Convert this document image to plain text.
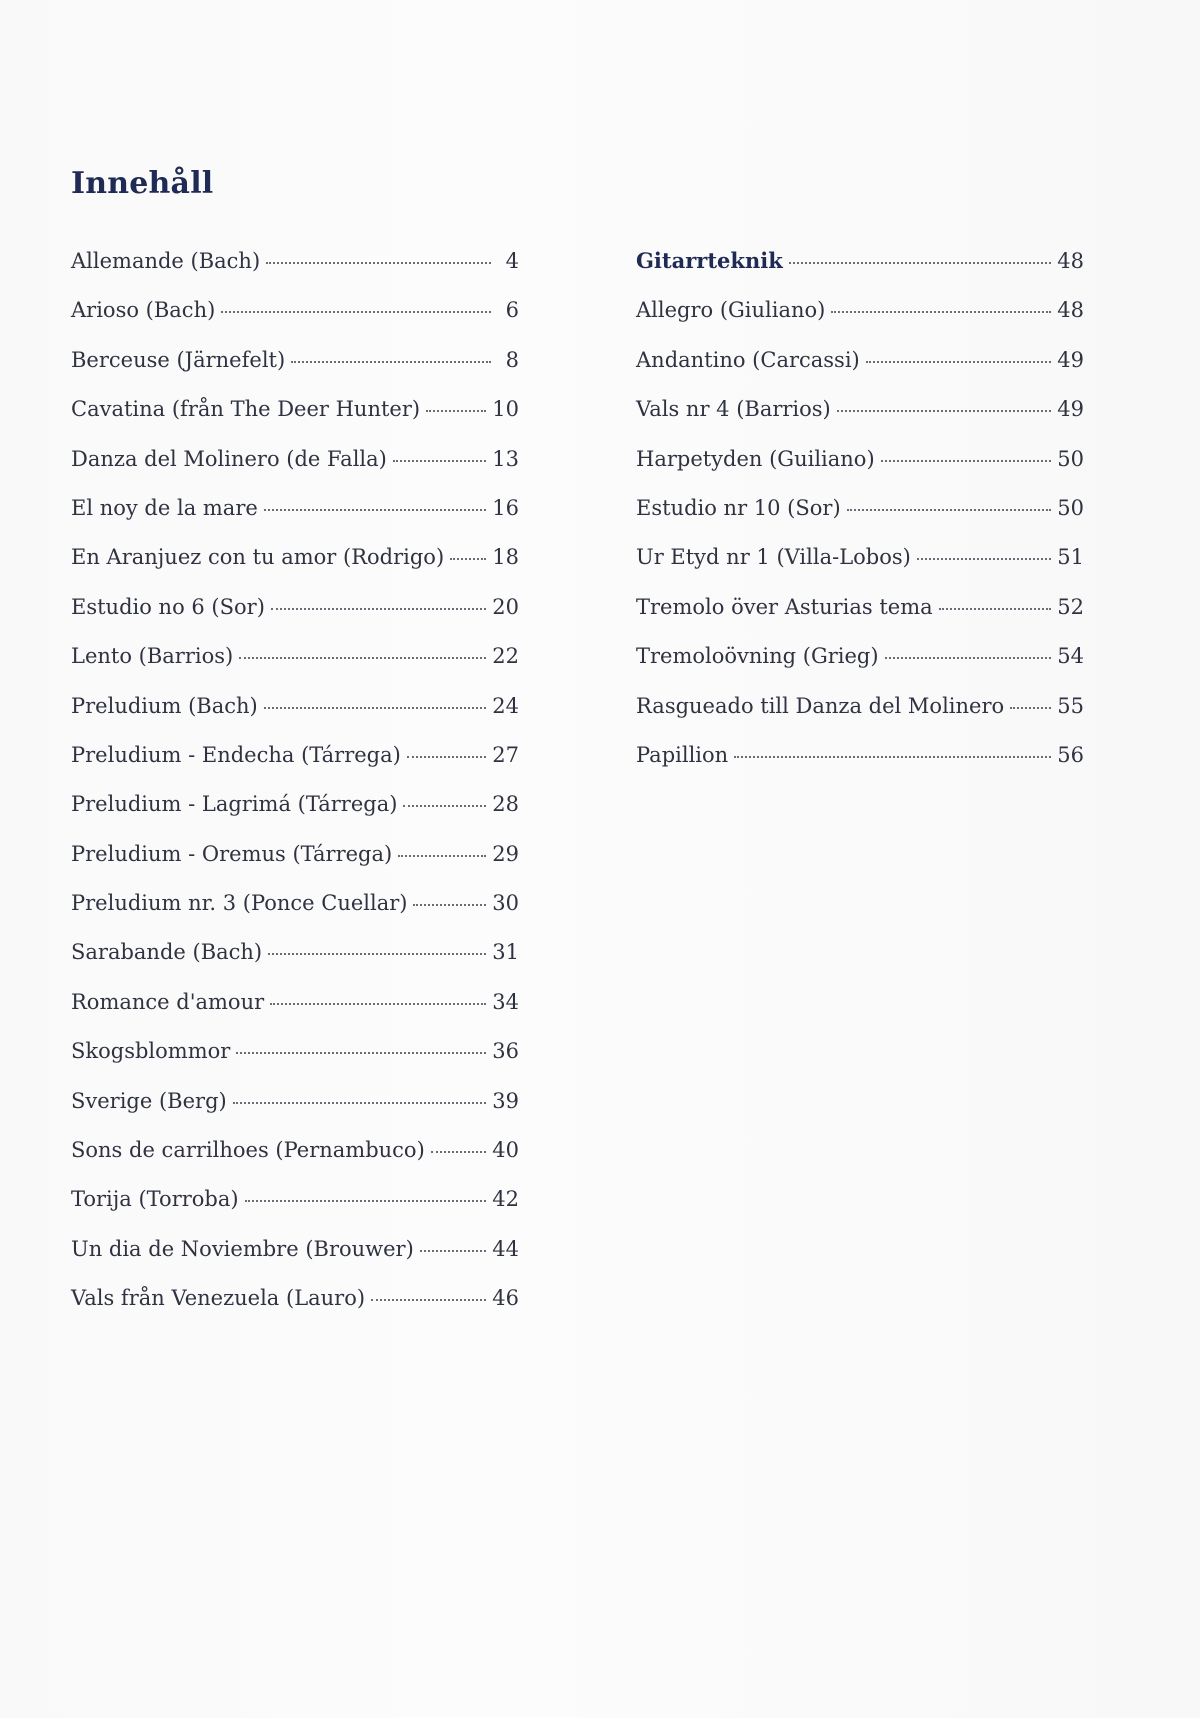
Innehåll
Allemande (Bach)	4
Arioso (Bach)	6
Berceuse (Järnefelt)	8
Cavatina (från The Deer Hunter)	10
Danza del Molinero (de Falla)	13
El noy de la mare	16
En Aranjuez con tu amor (Rodrigo) 18
Estudio no 6 (Sor)	20
Lento (Barrios)	22
Preludium (Bach)	24
Preludium - Endecha (Tárrega)	27
Preludium - Lagrimá (Tárrega)	28
Preludium - Oremus (Tárrega)	29
Preludium nr. 3 (Ponce Cuellar)	30
Sarabande (Bach)	31
Romance d'amour	34
Skogsblommor	36
Sverige (Berg)	39
Sons de carrilhoes (Pernambuco)	40
Torija (Torroba)	42
Un dia de Noviembre (Brouwer)	44
Vals från Venezuela (Lauro)	46
Gitarrteknik	48
Allegro (Giuliano)	48
Andantino (Carcassi)	49
Vals nr 4 (Barrios)	49
Harpetyden (Guiliano)	50
Estudio nr 10 (Sor)	50
Ur Etyd nr 1 (Villa-Lobos)	51
Tremolo över Asturias tema	52
Tremoloövning (Grieg)	54
Rasgueado till Danza del Molinero	55
Papillion	56
